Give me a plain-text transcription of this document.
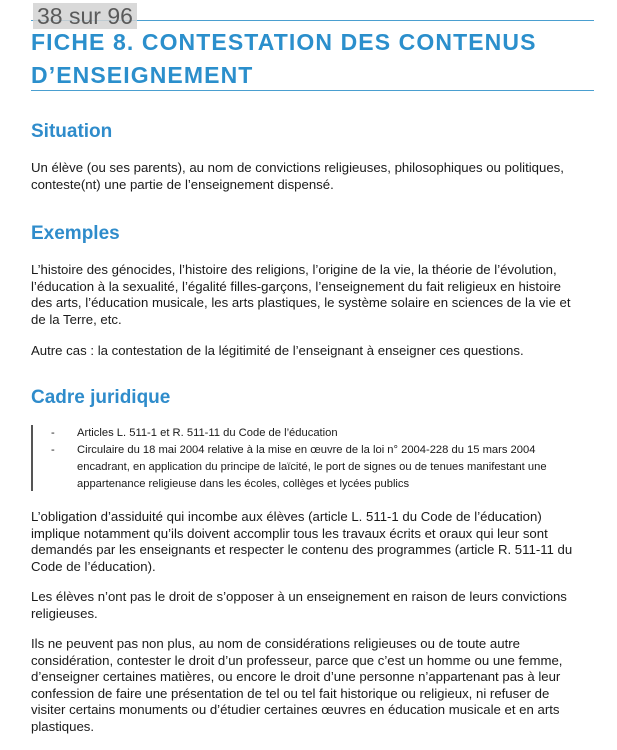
38 sur 96
FICHE 8. CONTESTATION DES CONTENUS
D’ENSEIGNEMENT
Situation

Un élève (ou ses parents), au nom de convictions religieuses, philosophiques ou politiques,
conteste(nt) une partie de l’enseignement dispensé.

Exemples

L’histoire des génocides, l’histoire des religions, l’origine de la vie, la théorie de l’évolution,
l’éducation à la sexualité, l’égalité filles-garçons, l’enseignement du fait religieux en histoire
des arts, l’éducation musicale, les arts plastiques, le système solaire en sciences de la vie et
de la Terre, etc.

Autre cas : la contestation de la légitimité de l’enseignant à enseigner ces questions.

Cadre juridique
- Articles L. 511-1 et R. 511-11 du Code de l’éducation
- Circulaire du 18 mai 2004 relative à la mise en œuvre de la loi n° 2004-228 du 15 mars 2004
encadrant, en application du principe de laïcité, le port de signes ou de tenues manifestant une
appartenance religieuse dans les écoles, collèges et lycées publics

L’obligation d’assiduité qui incombe aux élèves (article L. 511-1 du Code de l’éducation)
implique notamment qu’ils doivent accomplir tous les travaux écrits et oraux qui leur sont
demandés par les enseignants et respecter le contenu des programmes (article R. 511-11 du
Code de l’éducation).

Les élèves n’ont pas le droit de s’opposer à un enseignement en raison de leurs convictions
religieuses.

Ils ne peuvent pas non plus, au nom de considérations religieuses ou de toute autre
considération, contester le droit d’un professeur, parce que c’est un homme ou une femme,
d’enseigner certaines matières, ou encore le droit d’une personne n’appartenant pas à leur
confession de faire une présentation de tel ou tel fait historique ou religieux, ni refuser de
visiter certains monuments ou d’étudier certaines œuvres en éducation musicale et en arts
plastiques.
